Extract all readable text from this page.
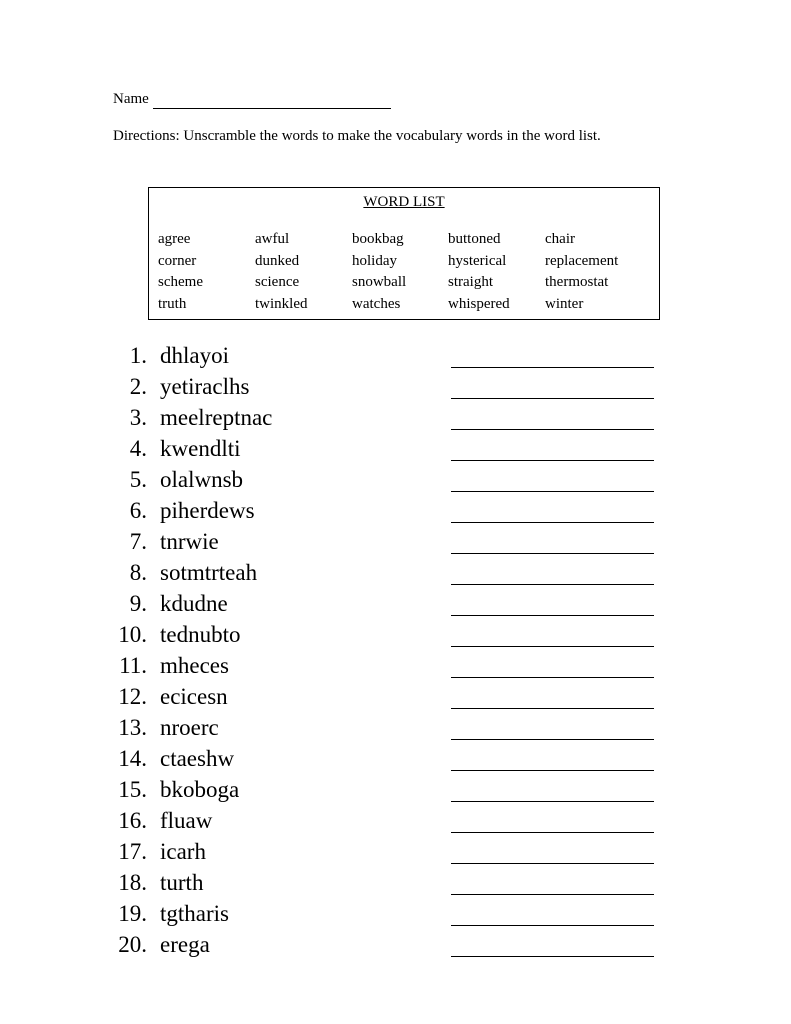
Name
Directions: Unscramble the words to make the vocabulary words in the word list.
WORD LIST
agree	awful	bookbag	buttoned	chair
corner	dunked	holiday	hysterical	replacement
scheme	science	snowball	straight	thermostat
truth	twinkled	watches	whispered	winter
1. dhlayoi
2. yetiraclhs
3. meelreptnac
4. kwendlti
5. olalwnsb
6. piherdews
7. tnrwie
8. sotmtrteah
9. kdudne
10. tednubto
11. mheces
12. ecicesn
13. nroerc
14. ctaeshw
15. bkoboga
16. fluaw
17. icarh
18. turth
19. tgtharis
20. erega
